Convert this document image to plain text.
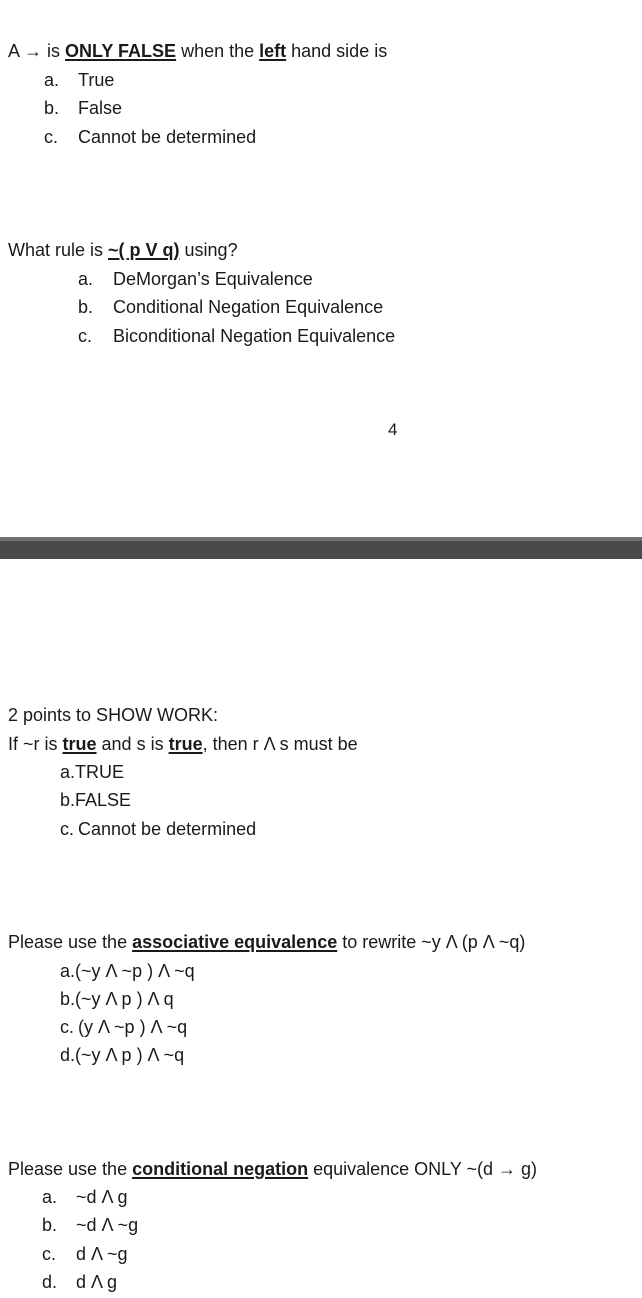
A → is ONLY FALSE when the left hand side is
a. True
b. False
c. Cannot be determined
What rule is ~( p V q) using?
a. DeMorgan’s Equivalence
b. Conditional Negation Equivalence
c. Biconditional Negation Equivalence
4
2 points to SHOW WORK:
If ~r is true and s is true, then r Λ s must be
a.TRUE
b.FALSE
c. Cannot be determined
Please use the associative equivalence to rewrite ~y Λ (p Λ ~q)
a.(~y Λ ~p ) Λ ~q
b.(~y Λ p ) Λ q
c. (y Λ ~p ) Λ ~q
d.(~y Λ p ) Λ ~q
Please use the conditional negation equivalence ONLY ~(d → g)
a. ~d Λ g
b. ~d Λ ~g
c. d Λ ~g
d. d Λ g
